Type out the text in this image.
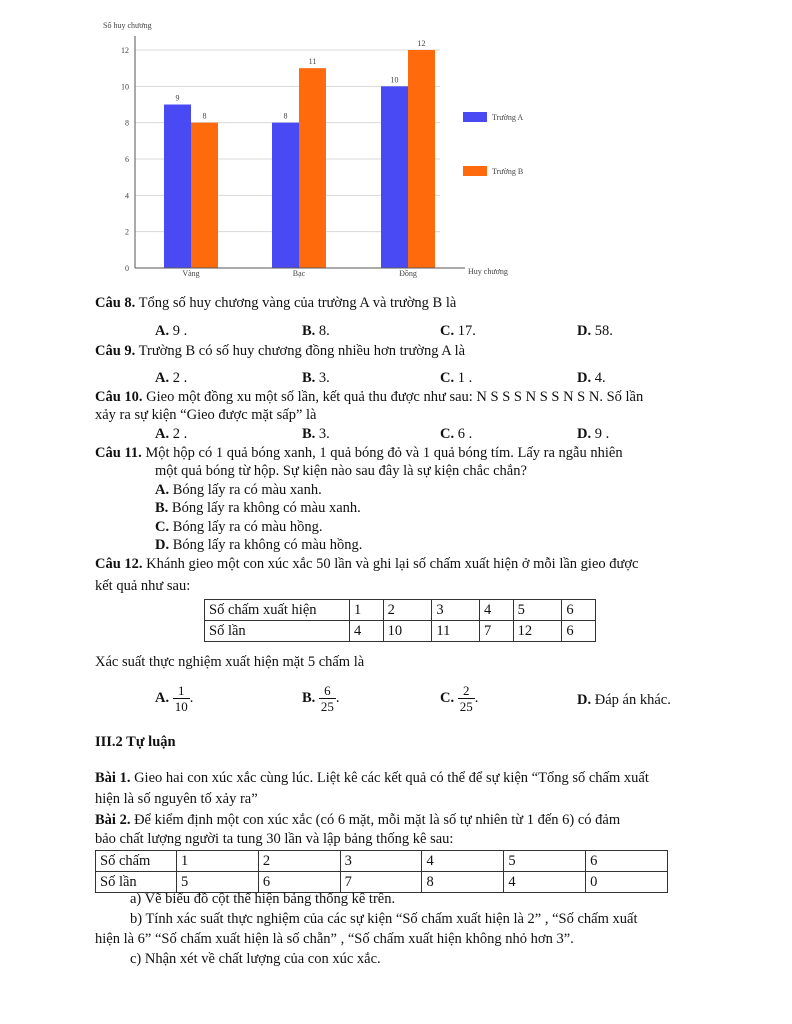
0
2
4
6
8
10
12
9
8
Vàng
8
11
Bạc
10
12
Đồng
Số huy chương
Huy chương
Trường A
Trường B
Câu 8. Tổng số huy chương vàng của trường A và trường B là
A. 9 .	B. 8.	C. 17.	D. 58.
Câu 9. Trường B có số huy chương đồng nhiều hơn trường A là
A. 2 .	B. 3.	C. 1 .	D. 4.
Câu 10. Gieo một đồng xu một số lần, kết quả thu được như sau: N S S S N S S N S N. Số lần
xảy ra sự kiện “Gieo được mặt sấp” là
A. 2 .	B. 3.	C. 6 .	D. 9 .
Câu 11. Một hộp có 1 quả bóng xanh, 1 quả bóng đỏ và 1 quả bóng tím. Lấy ra ngẫu nhiên
một quả bóng từ hộp. Sự kiện nào sau đây là sự kiện chắc chắn?
A. Bóng lấy ra có màu xanh.
B. Bóng lấy ra không có màu xanh.
C. Bóng lấy ra có màu hồng.
D. Bóng lấy ra không có màu hồng.
Câu 12. Khánh gieo một con xúc xắc 50 lần và ghi lại số chấm xuất hiện ở mỗi lần gieo được
kết quả như sau:
Số chấm xuất hiện	1	2	3	4	5	6
Số lần	4	10	11	7	12	6
Xác suất thực nghiệm xuất hiện mặt 5 chấm là
A. $\frac{1}{10}$ .	B. $\frac{6}{25}$ .	C. $\frac{2}{25}$ .	D. Đáp án khác.
III.2 Tự luận
Bài 1. Gieo hai con xúc xắc cùng lúc. Liệt kê các kết quả có thể để sự kiện “Tổng số chấm xuất
hiện là số nguyên tố xảy ra”
Bài 2. Để kiểm định một con xúc xắc (có 6 mặt, mỗi mặt là số tự nhiên từ 1 đến 6) có đảm
bảo chất lượng người ta tung 30 lần và lập bảng thống kê sau:
Số chấm	1	2	3	4	5	6
Số lần	5	6	7	8	4	0
a) Vẽ biểu đồ cột thể hiện bảng thống kê trên.
b) Tính xác suất thực nghiệm của các sự kiện “Số chấm xuất hiện là 2” , “Số chấm xuất
hiện là 6” “Số chấm xuất hiện là số chẵn” , “Số chấm xuất hiện không nhỏ hơn 3”.
c) Nhận xét về chất lượng của con xúc xắc.
